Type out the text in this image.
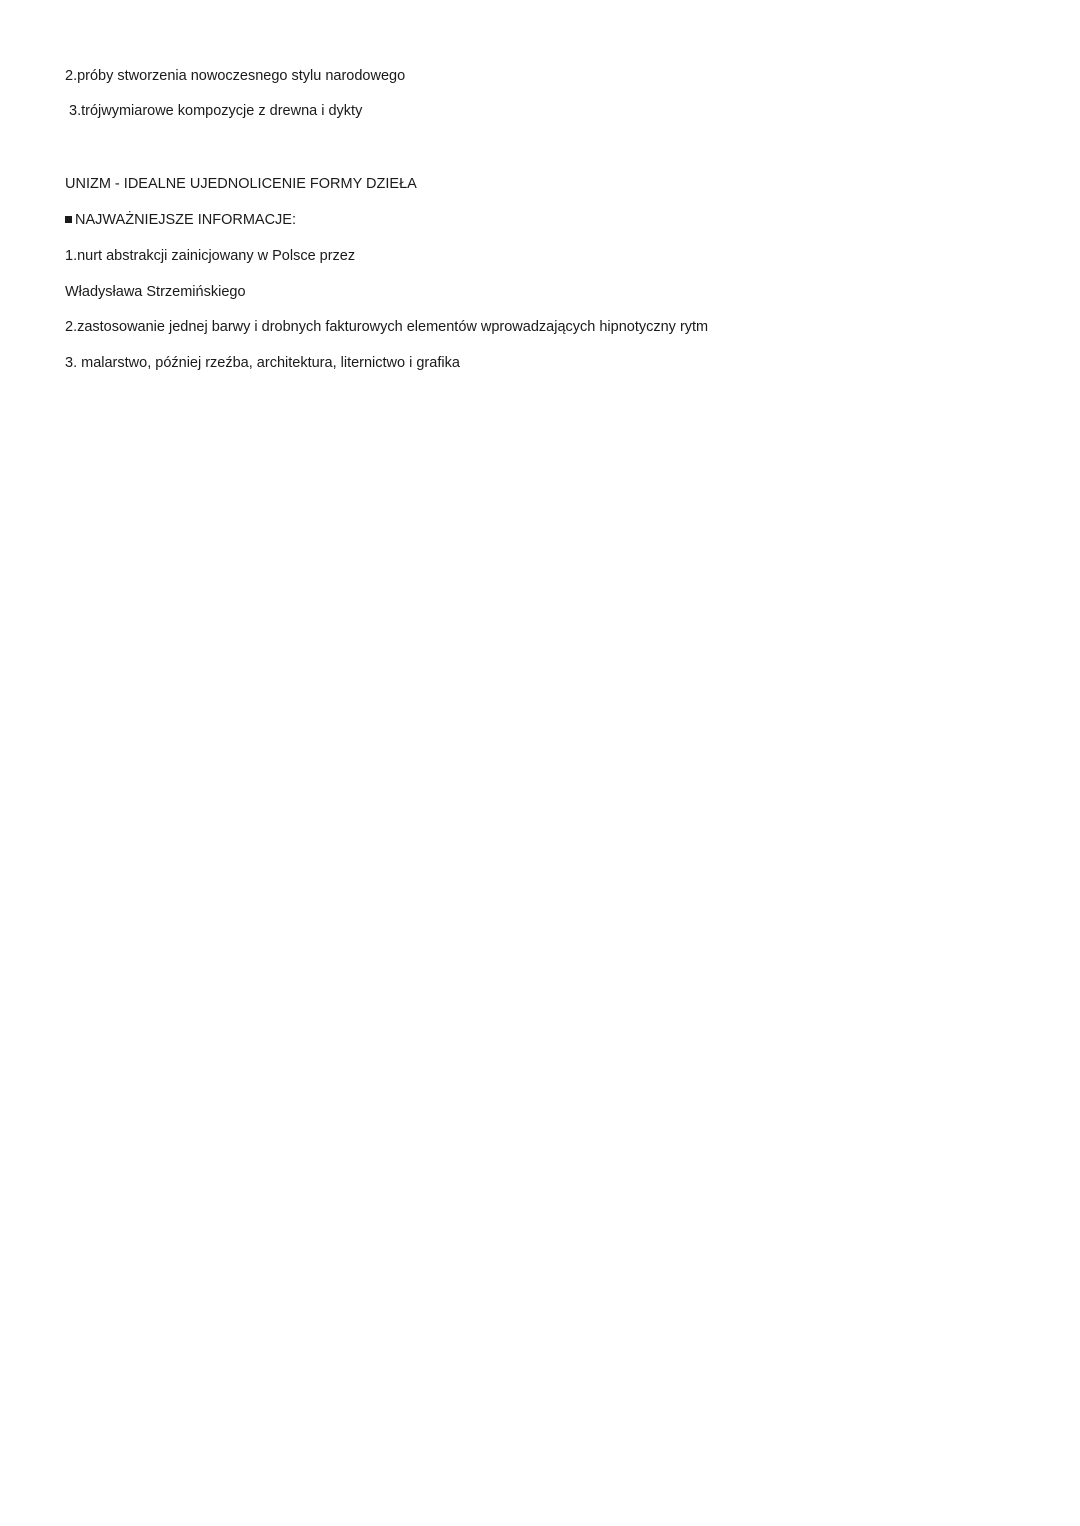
2.próby stworzenia nowoczesnego stylu narodowego
3.trójwymiarowe kompozycje z drewna i dykty
UNIZM - IDEALNE UJEDNOLICENIE FORMY DZIEŁA
NAJWAŻNIEJSZE INFORMACJE:
1.nurt abstrakcji zainicjowany w Polsce przez
Władysława Strzemińskiego
2.zastosowanie jednej barwy i drobnych fakturowych elementów wprowadzających hipnotyczny rytm
3. malarstwo, później rzeźba, architektura, liternictwo i grafika
